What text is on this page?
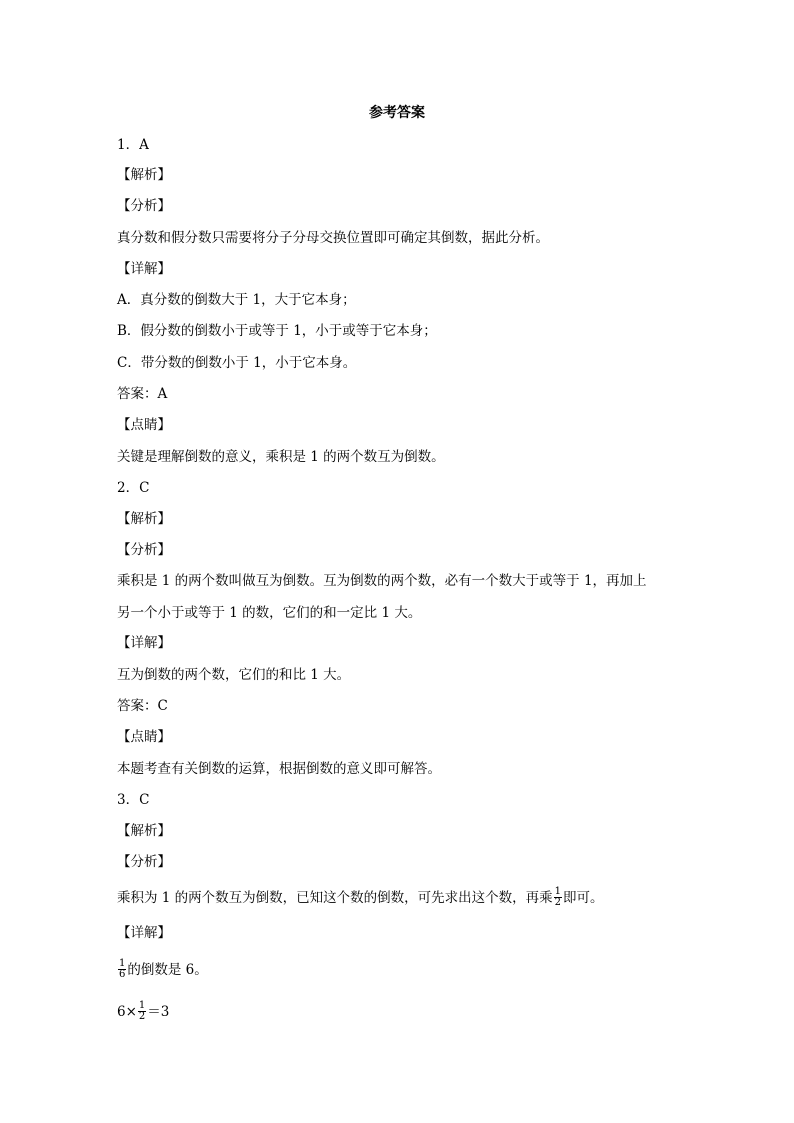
参考答案
1．A
【解析】
【分析】
真分数和假分数只需要将分子分母交换位置即可确定其倒数，据此分析。
【详解】
A．真分数的倒数大于 1，大于它本身；
B．假分数的倒数小于或等于 1，小于或等于它本身；
C．带分数的倒数小于 1，小于它本身。
答案：A
【点睛】
关键是理解倒数的意义，乘积是 1 的两个数互为倒数。
2．C
【解析】
【分析】
乘积是 1 的两个数叫做互为倒数。互为倒数的两个数，必有一个数大于或等于 1，再加上
另一个小于或等于 1 的数，它们的和一定比 1 大。
【详解】
互为倒数的两个数，它们的和比 1 大。
答案：C
【点睛】
本题考查有关倒数的运算，根据倒数的意义即可解答。
3．C
【解析】
【分析】
乘积为 1 的两个数互为倒数，已知这个数的倒数，可先求出这个数，再乘 $\frac{1}{2}$ 即可。
【详解】
$\frac{1}{6}$ 的倒数是 6。
$6\times \frac{1}{2} =3$
